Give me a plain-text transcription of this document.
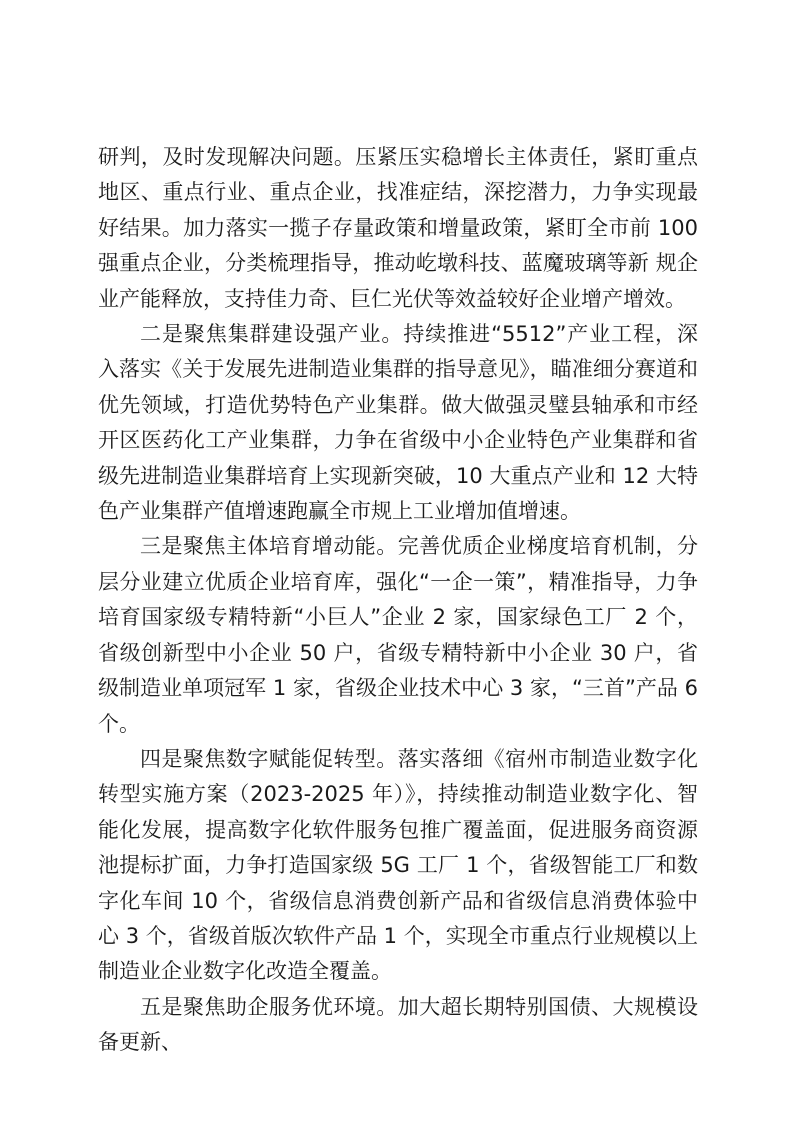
研判，及时发现解决问题。压紧压实稳增长主体责任，紧盯重点地区、重点行业、重点企业，找准症结，深挖潜力，力争实现最好结果。加力落实一揽子存量政策和增量政策，紧盯全市前 100 强重点企业，分类梳理指导，推动屹墩科技、蓝魔玻璃等新 规企业产能释放，支持佳力奇、巨仁光伏等效益较好企业增产增效。

二是聚焦集群建设强产业。持续推进“5512”产业工程，深入落实《关于发展先进制造业集群的指导意见》，瞄准细分赛道和优先领域，打造优势特色产业集群。做大做强灵璧县轴承和市经开区医药化工产业集群，力争在省级中小企业特色产业集群和省级先进制造业集群培育上实现新突破，10 大重点产业和 12 大特色产业集群产值增速跑赢全市规上工业增加值增速。

三是聚焦主体培育增动能。完善优质企业梯度培育机制，分层分业建立优质企业培育库，强化“一企一策”，精准指导，力争培育国家级专精特新“小巨人”企业 2 家，国家绿色工厂 2 个，省级创新型中小企业 50 户，省级专精特新中小企业 30 户，省级制造业单项冠军 1 家，省级企业技术中心 3 家，“三首”产品 6 个。

四是聚焦数字赋能促转型。落实落细《宿州市制造业数字化转型实施方案（2023-2025 年）》，持续推动制造业数字化、智能化发展，提高数字化软件服务包推广覆盖面，促进服务商资源池提标扩面，力争打造国家级 5G 工厂 1 个，省级智能工厂和数字化车间 10 个，省级信息消费创新产品和省级信息消费体验中心 3 个，省级首版次软件产品 1 个，实现全市重点行业规模以上制造业企业数字化改造全覆盖。

五是聚焦助企服务优环境。加大超长期特别国债、大规模设备更新、
